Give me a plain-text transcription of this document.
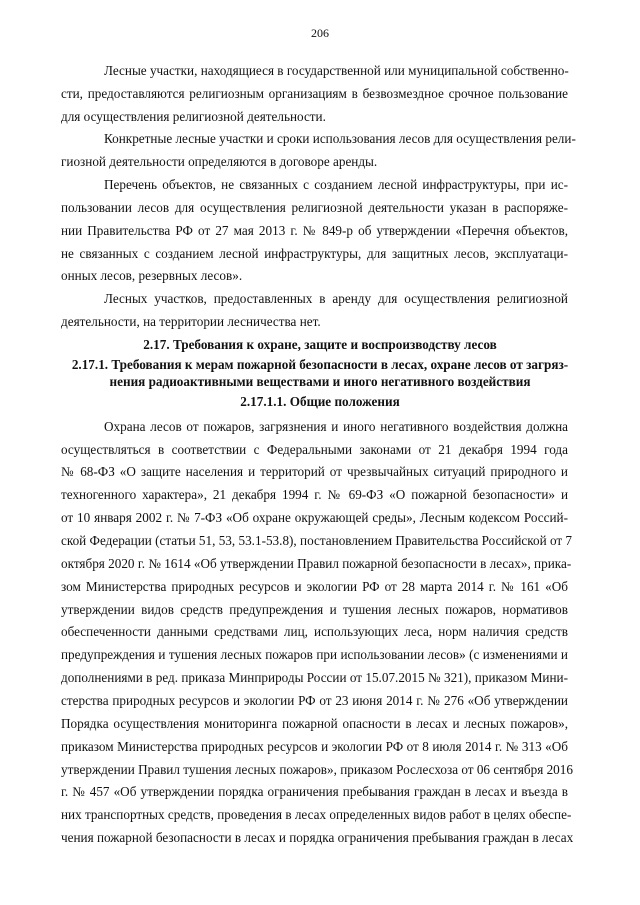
206
Лесные участки, находящиеся в государственной или муниципальной собственно-
сти, предоставляются религиозным организациям в безвозмездное срочное пользование
для осуществления религиозной деятельности.
Конкретные лесные участки и сроки использования лесов для осуществления рели-
гиозной деятельности определяются в договоре аренды.
Перечень объектов, не связанных с созданием лесной инфраструктуры, при ис-
пользовании лесов для осуществления религиозной деятельности указан в распоряже-
нии Правительства РФ от 27 мая 2013 г. № 849-р об утверждении «Перечня объектов,
не связанных с созданием лесной инфраструктуры, для защитных лесов, эксплуатаци-
онных лесов, резервных лесов».
Лесных участков, предоставленных в аренду для осуществления религиозной
деятельности, на территории лесничества нет.
2.17. Требования к охране, защите и воспроизводству лесов
2.17.1. Требования к мерам пожарной безопасности в лесах, охране лесов от загряз-
нения радиоактивными веществами и иного негативного воздействия
2.17.1.1. Общие положения
Охрана лесов от пожаров, загрязнения и иного негативного воздействия должна
осуществляться в соответствии с Федеральными законами от 21 декабря 1994 года
№ 68-ФЗ «О защите населения и территорий от чрезвычайных ситуаций природного и
техногенного характера», 21 декабря 1994 г. № 69-ФЗ «О пожарной безопасности» и
от 10 января 2002 г. № 7-ФЗ «Об охране окружающей среды», Лесным кодексом Россий-
ской Федерации (статьи 51, 53, 53.1-53.8), постановлением Правительства Российской от 7
октября 2020 г. № 1614 «Об утверждении Правил пожарной безопасности в лесах», прика-
зом Министерства природных ресурсов и экологии РФ от 28 марта 2014 г. № 161 «Об
утверждении видов средств предупреждения и тушения лесных пожаров, нормативов
обеспеченности данными средствами лиц, использующих леса, норм наличия средств
предупреждения и тушения лесных пожаров при использовании лесов» (с изменениями и
дополнениями в ред. приказа Минприроды России от 15.07.2015 № 321), приказом Мини-
стерства природных ресурсов и экологии РФ от 23 июня 2014 г. № 276 «Об утверждении
Порядка осуществления мониторинга пожарной опасности в лесах и лесных пожаров»,
приказом Министерства природных ресурсов и экологии РФ от 8 июля 2014 г. № 313 «Об
утверждении Правил тушения лесных пожаров», приказом Рослесхоза от 06 сентября 2016
г. № 457 «Об утверждении порядка ограничения пребывания граждан в лесах и въезда в
них транспортных средств, проведения в лесах определенных видов работ в целях обеспе-
чения пожарной безопасности в лесах и порядка ограничения пребывания граждан в лесах
